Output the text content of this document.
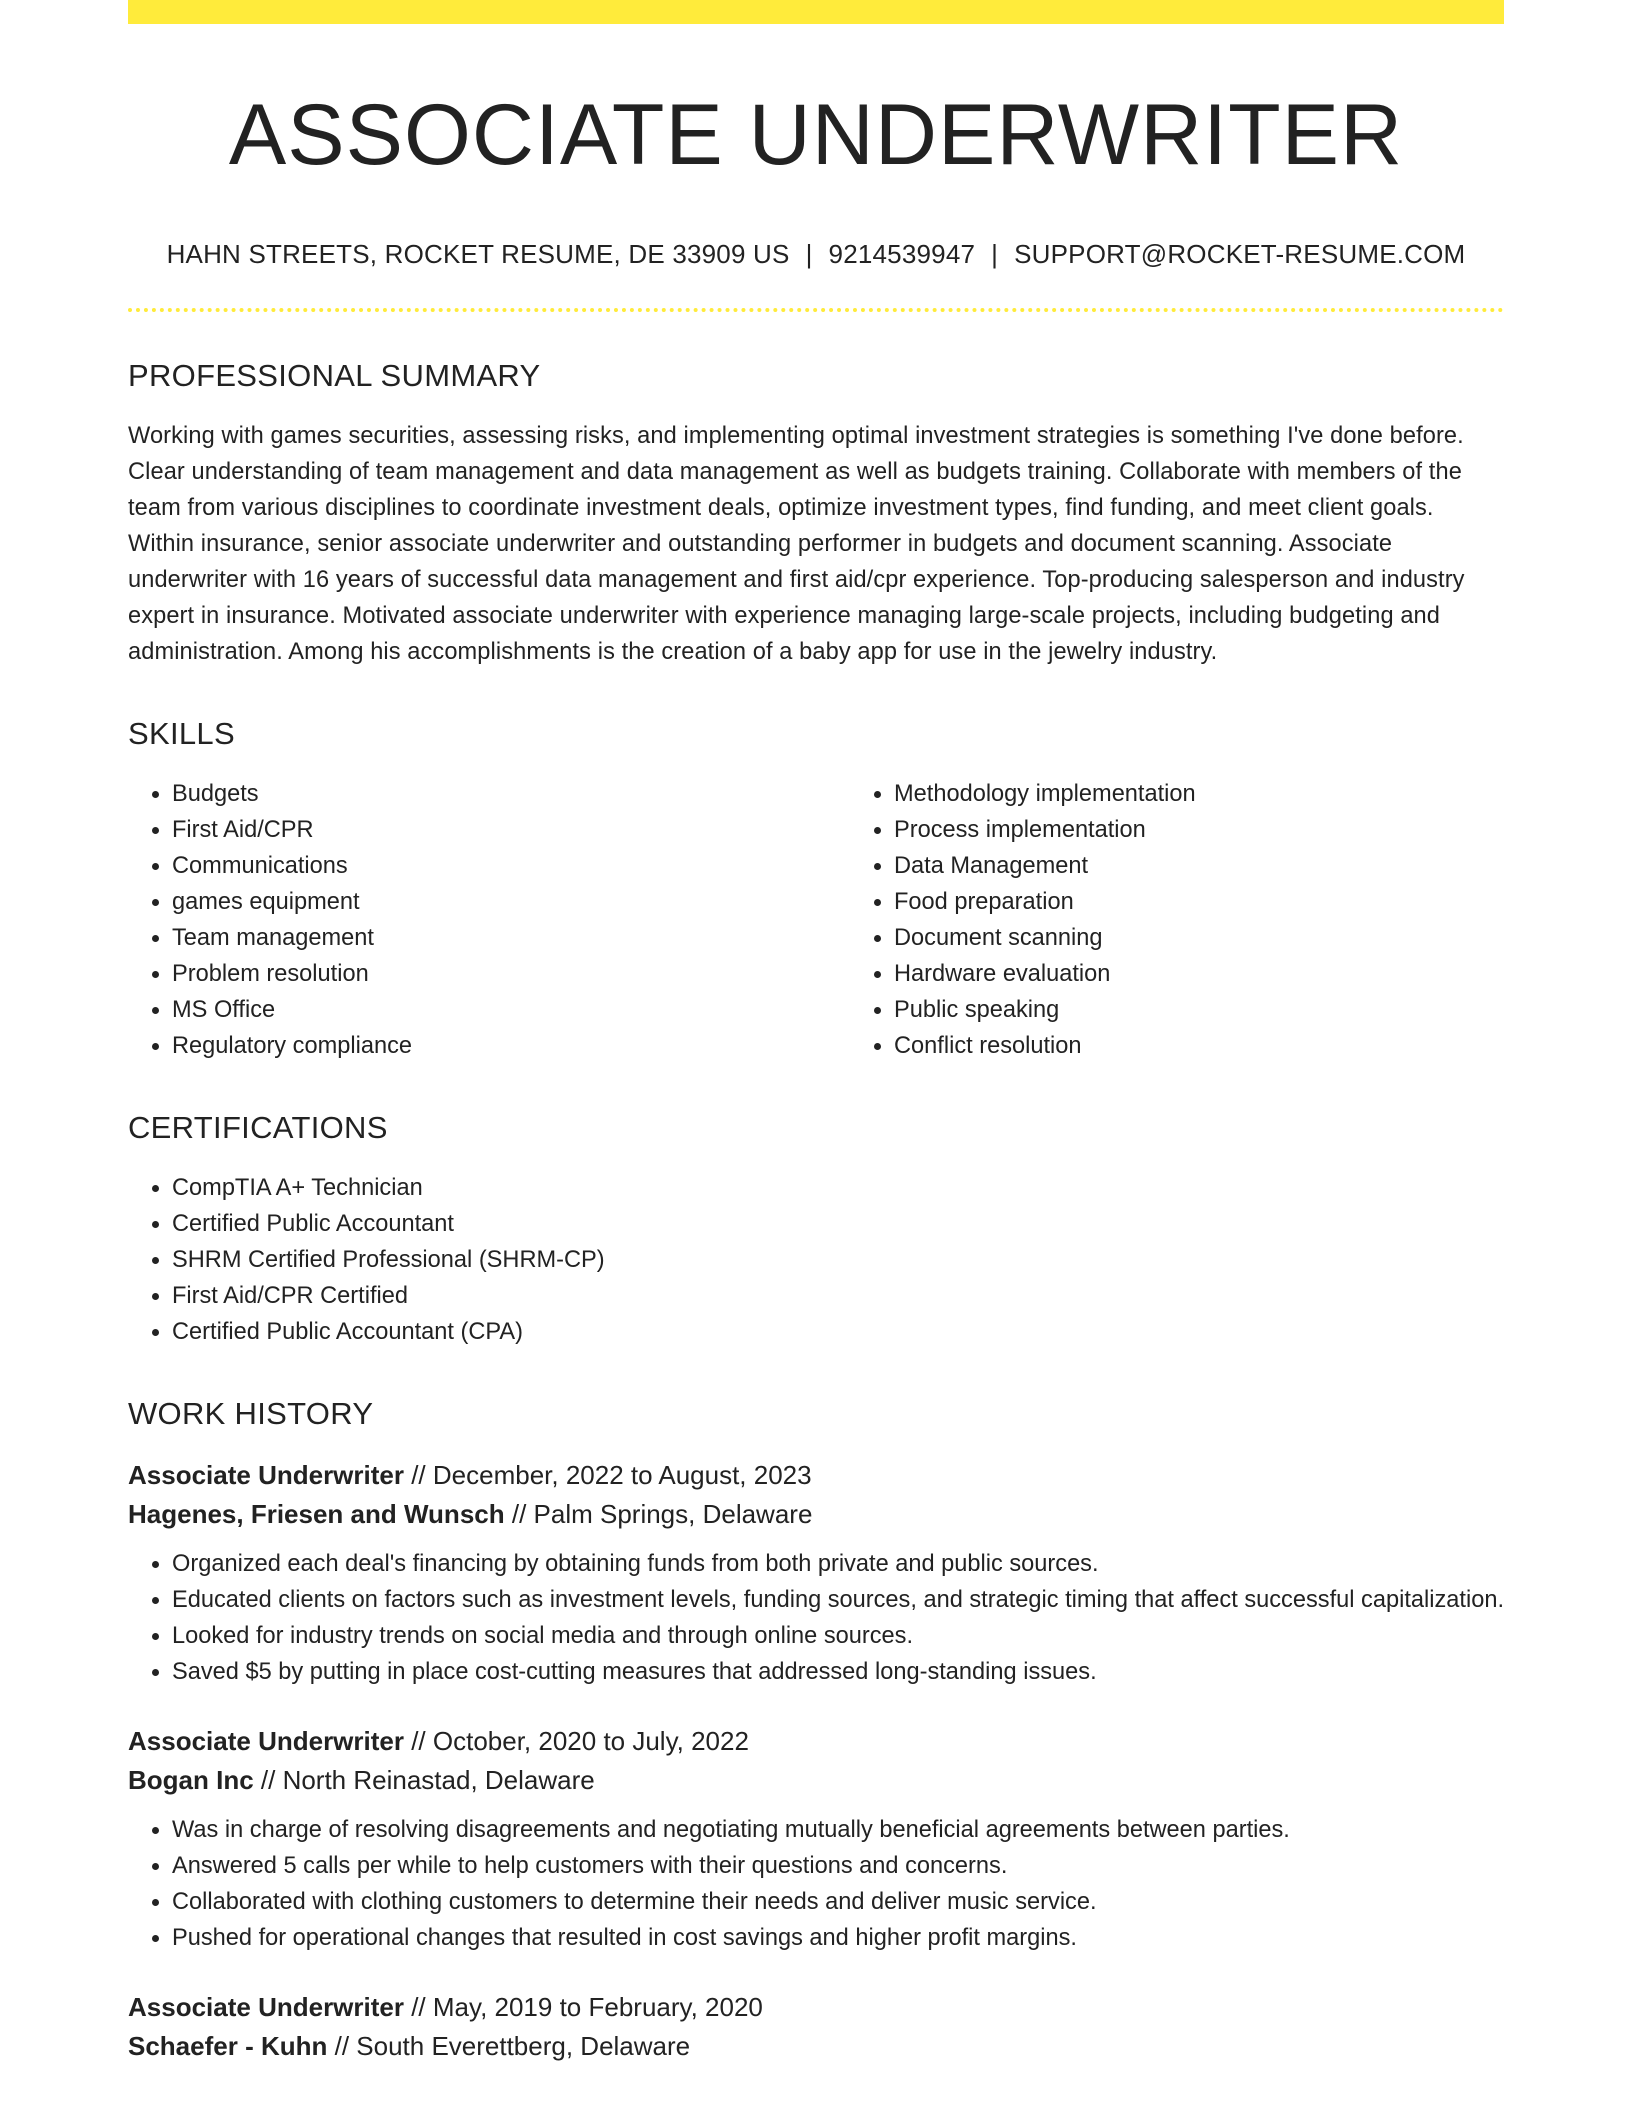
ASSOCIATE UNDERWRITER
HAHN STREETS, ROCKET RESUME, DE 33909 US | 9214539947 | SUPPORT@ROCKET-RESUME.COM
PROFESSIONAL SUMMARY

Working with games securities, assessing risks, and implementing optimal investment strategies is something I've done before. Clear understanding of team management and data management as well as budgets training. Collaborate with members of the team from various disciplines to coordinate investment deals, optimize investment types, find funding, and meet client goals. Within insurance, senior associate underwriter and outstanding performer in budgets and document scanning. Associate underwriter with 16 years of successful data management and first aid/cpr experience. Top-producing salesperson and industry expert in insurance. Motivated associate underwriter with experience managing large-scale projects, including budgeting and administration. Among his accomplishments is the creation of a baby app for use in the jewelry industry.

SKILLS
• Budgets
• First Aid/CPR
• Communications
• games equipment
• Team management
• Problem resolution
• MS Office
• Regulatory compliance
• Methodology implementation
• Process implementation
• Data Management
• Food preparation
• Document scanning
• Hardware evaluation
• Public speaking
• Conflict resolution
CERTIFICATIONS
• CompTIA A+ Technician
• Certified Public Accountant
• SHRM Certified Professional (SHRM-CP)
• First Aid/CPR Certified
• Certified Public Accountant (CPA)
WORK HISTORY
Associate Underwriter // December, 2022 to August, 2023
Hagenes, Friesen and Wunsch // Palm Springs, Delaware
• Organized each deal's financing by obtaining funds from both private and public sources.
• Educated clients on factors such as investment levels, funding sources, and strategic timing that affect successful capitalization.
• Looked for industry trends on social media and through online sources.
• Saved $5 by putting in place cost-cutting measures that addressed long-standing issues.
Associate Underwriter // October, 2020 to July, 2022
Bogan Inc // North Reinastad, Delaware
• Was in charge of resolving disagreements and negotiating mutually beneficial agreements between parties.
• Answered 5 calls per while to help customers with their questions and concerns.
• Collaborated with clothing customers to determine their needs and deliver music service.
• Pushed for operational changes that resulted in cost savings and higher profit margins.
Associate Underwriter // May, 2019 to February, 2020
Schaefer - Kuhn // South Everettberg, Delaware
